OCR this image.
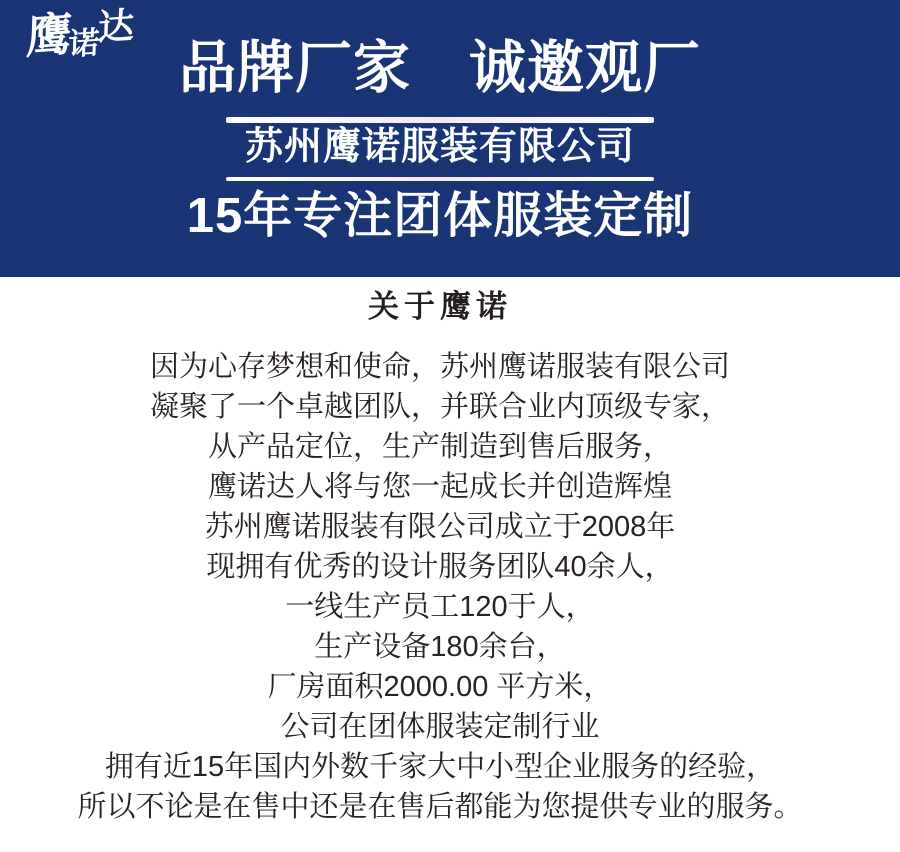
鹰诺达
品牌厂家　诚邀观厂
苏州鹰诺服装有限公司
15年专注团体服装定制
关于鹰诺
因为心存梦想和使命，苏州鹰诺服装有限公司
凝聚了一个卓越团队，并联合业内顶级专家，
从产品定位，生产制造到售后服务，
鹰诺达人将与您一起成长并创造辉煌
苏州鹰诺服装有限公司成立于2008年
现拥有优秀的设计服务团队40余人，
一线生产员工120于人，
生产设备180余台，
厂房面积2000.00 平方米，
公司在团体服装定制行业
拥有近15年国内外数千家大中小型企业服务的经验，
所以不论是在售中还是在售后都能为您提供专业的服务。
